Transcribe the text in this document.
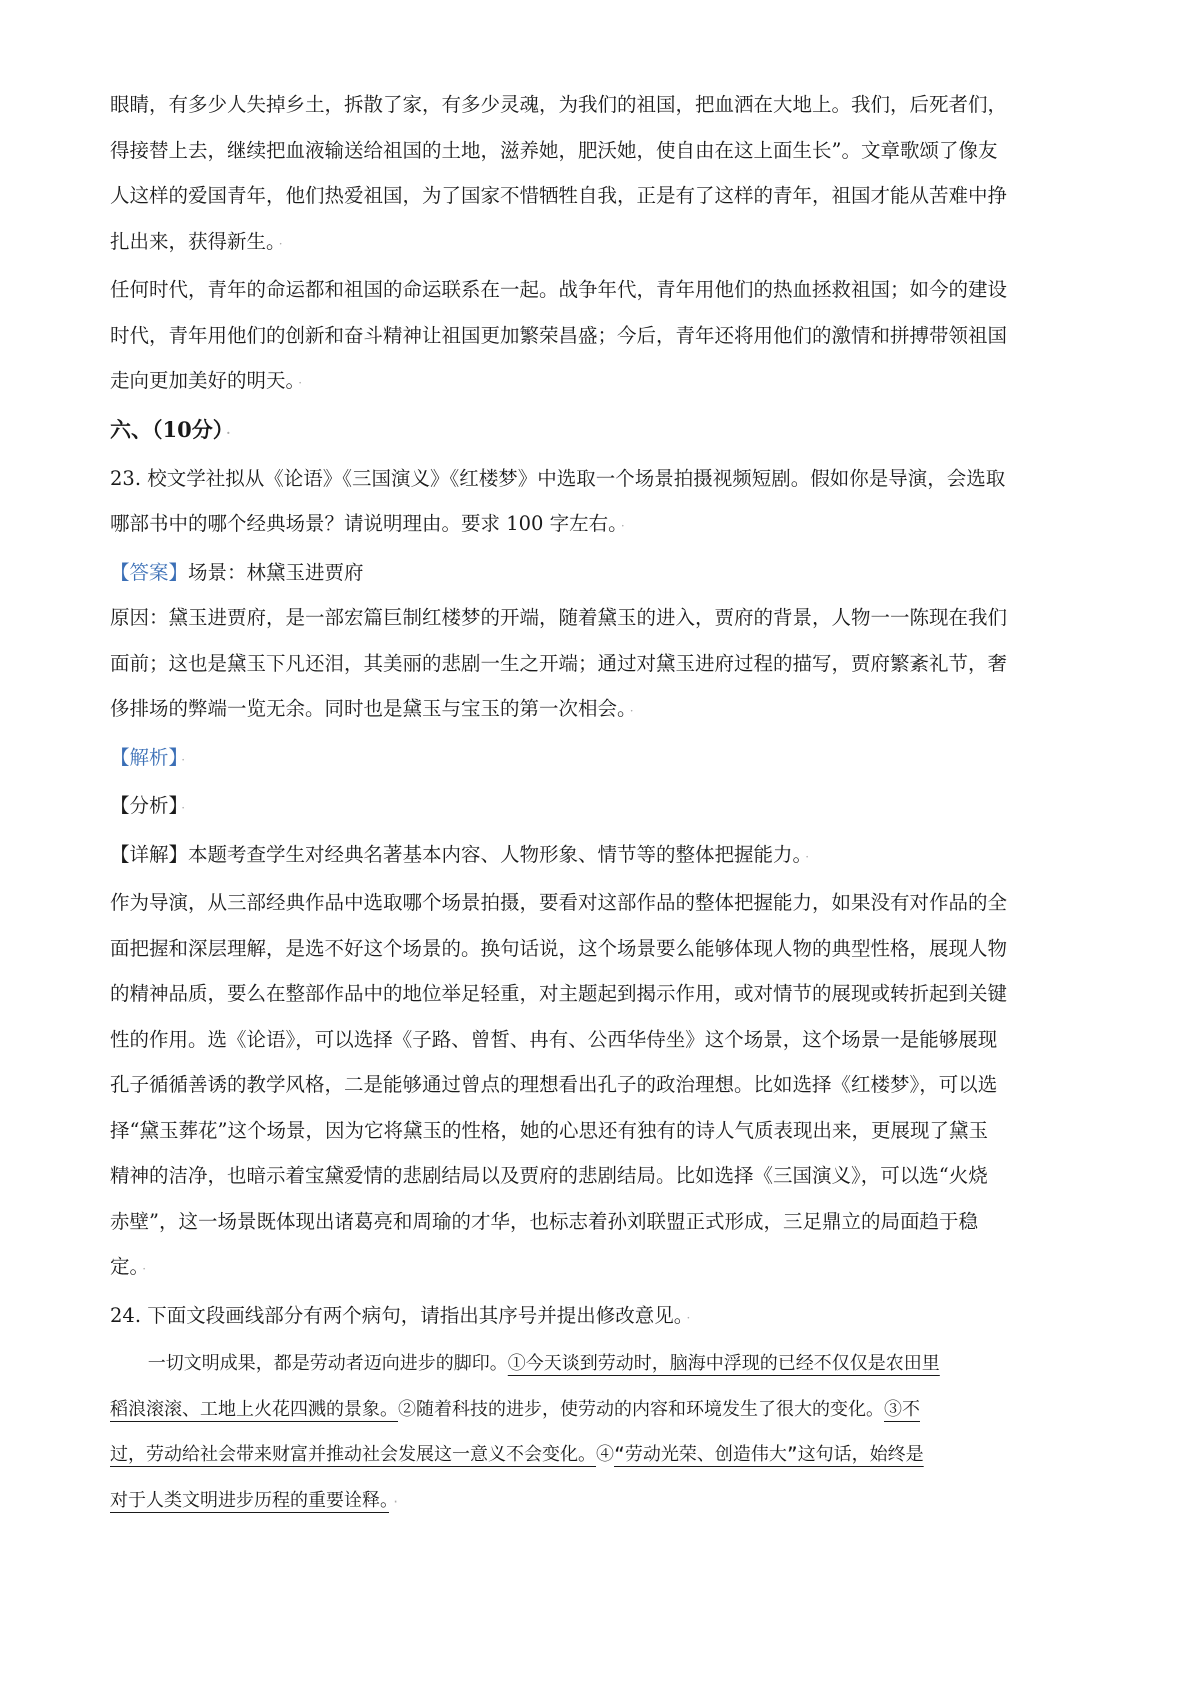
眼睛，有多少人失掉乡土，拆散了家，有多少灵魂，为我们的祖国，把血洒在大地上。我们，后死者们，
得接替上去，继续把血液输送给祖国的土地，滋养她，肥沃她，使自由在这上面生长”。文章歌颂了像友
人这样的爱国青年，他们热爱祖国，为了国家不惜牺牲自我，正是有了这样的青年，祖国才能从苦难中挣
扎出来，获得新生。 ·

任何时代，青年的命运都和祖国的命运联系在一起。战争年代，青年用他们的热血拯救祖国；如今的建设
时代，青年用他们的创新和奋斗精神让祖国更加繁荣昌盛；今后，青年还将用他们的激情和拼搏带领祖国
走向更加美好的明天。 ·

六、（10分） ·

23. 校文学社拟从《论语》《三国演义》《红楼梦》中选取一个场景拍摄视频短剧。假如你是导演，会选取
哪部书中的哪个经典场景？请说明理由。要求 100 字左右。 ·

【答案】场景：林黛玉进贾府

原因：黛玉进贾府，是一部宏篇巨制红楼梦的开端，随着黛玉的进入，贾府的背景，人物一一陈现在我们
面前；这也是黛玉下凡还泪，其美丽的悲剧一生之开端；通过对黛玉进府过程的描写，贾府繁紊礼节，奢
侈排场的弊端一览无余。同时也是黛玉与宝玉的第一次相会。 ·

【解析】 ·

【分析】 ·

【详解】本题考查学生对经典名著基本内容、人物形象、情节等的整体把握能力。 ·

作为导演，从三部经典作品中选取哪个场景拍摄，要看对这部作品的整体把握能力，如果没有对作品的全
面把握和深层理解，是选不好这个场景的。换句话说，这个场景要么能够体现人物的典型性格，展现人物
的精神品质，要么在整部作品中的地位举足轻重，对主题起到揭示作用，或对情节的展现或转折起到关键
性的作用。选《论语》，可以选择《子路、曾皙、冉有、公西华侍坐》这个场景，这个场景一是能够展现
孔子循循善诱的教学风格，二是能够通过曾点的理想看出孔子的政治理想。比如选择《红楼梦》，可以选
择“黛玉葬花”这个场景，因为它将黛玉的性格，她的心思还有独有的诗人气质表现出来，更展现了黛玉
精神的洁净，也暗示着宝黛爱情的悲剧结局以及贾府的悲剧结局。比如选择《三国演义》，可以选“火烧
赤壁”，这一场景既体现出诸葛亮和周瑜的才华，也标志着孙刘联盟正式形成，三足鼎立的局面趋于稳
定。 ·

24. 下面文段画线部分有两个病句，请指出其序号并提出修改意见。 ·

一切文明成果，都是劳动者迈向进步的脚印。①今天谈到劳动时，脑海中浮现的已经不仅仅是农田里
稻浪滚滚、工地上火花四溅的景象。②随着科技的进步，使劳动的内容和环境发生了很大的变化。③不
过，劳动给社会带来财富并推动社会发展这一意义不会变化。④“劳动光荣、创造伟大”这句话，始终是
对于人类文明进步历程的重要诠释。 ·
